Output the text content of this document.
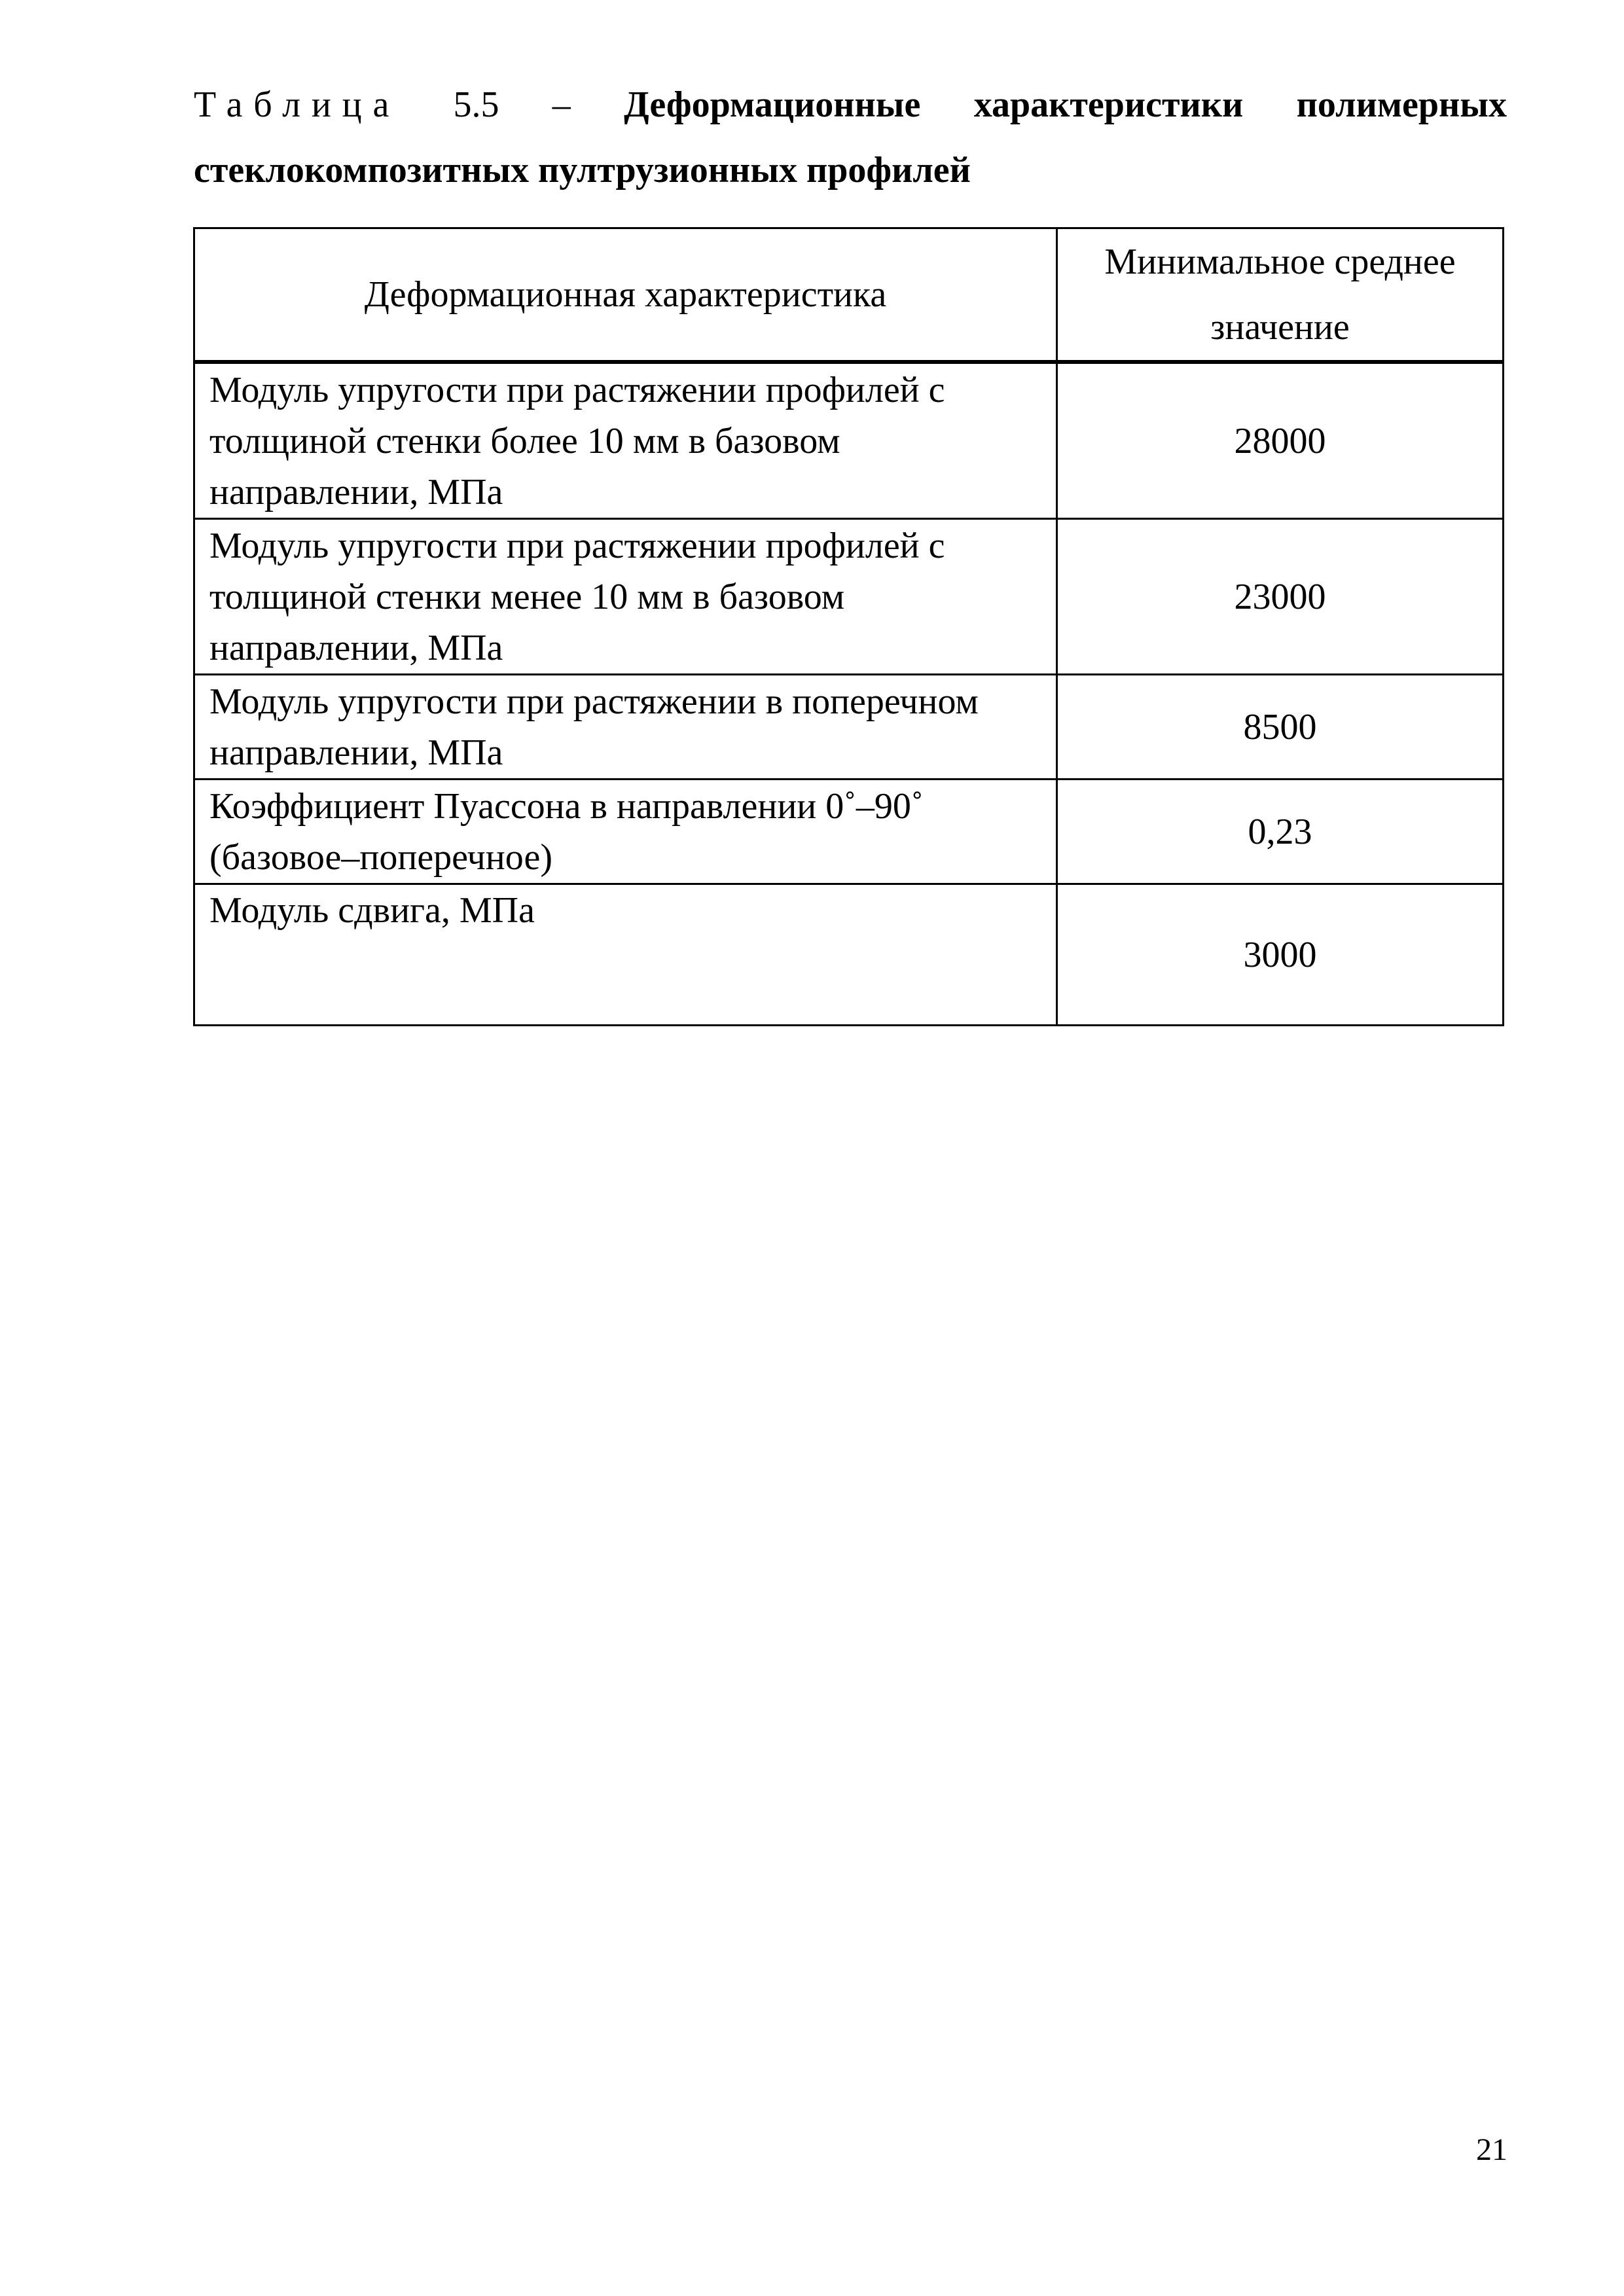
Таблица 5.5 – Деформационные характеристики полимерных
стеклокомпозитных пултрузионных профилей
Деформационная характеристика	Минимальное среднее значение
Модуль упругости при растяжении профилей с толщиной стенки более 10 мм в базовом направлении, МПа	28000
Модуль упругости при растяжении профилей с толщиной стенки менее 10 мм в базовом направлении, МПа	23000
Модуль упругости при растяжении в поперечном направлении, МПа	8500
Коэффициент Пуассона в направлении 0˚–90˚ (базовое–поперечное)	0,23
Модуль сдвига, МПа	3000
21
